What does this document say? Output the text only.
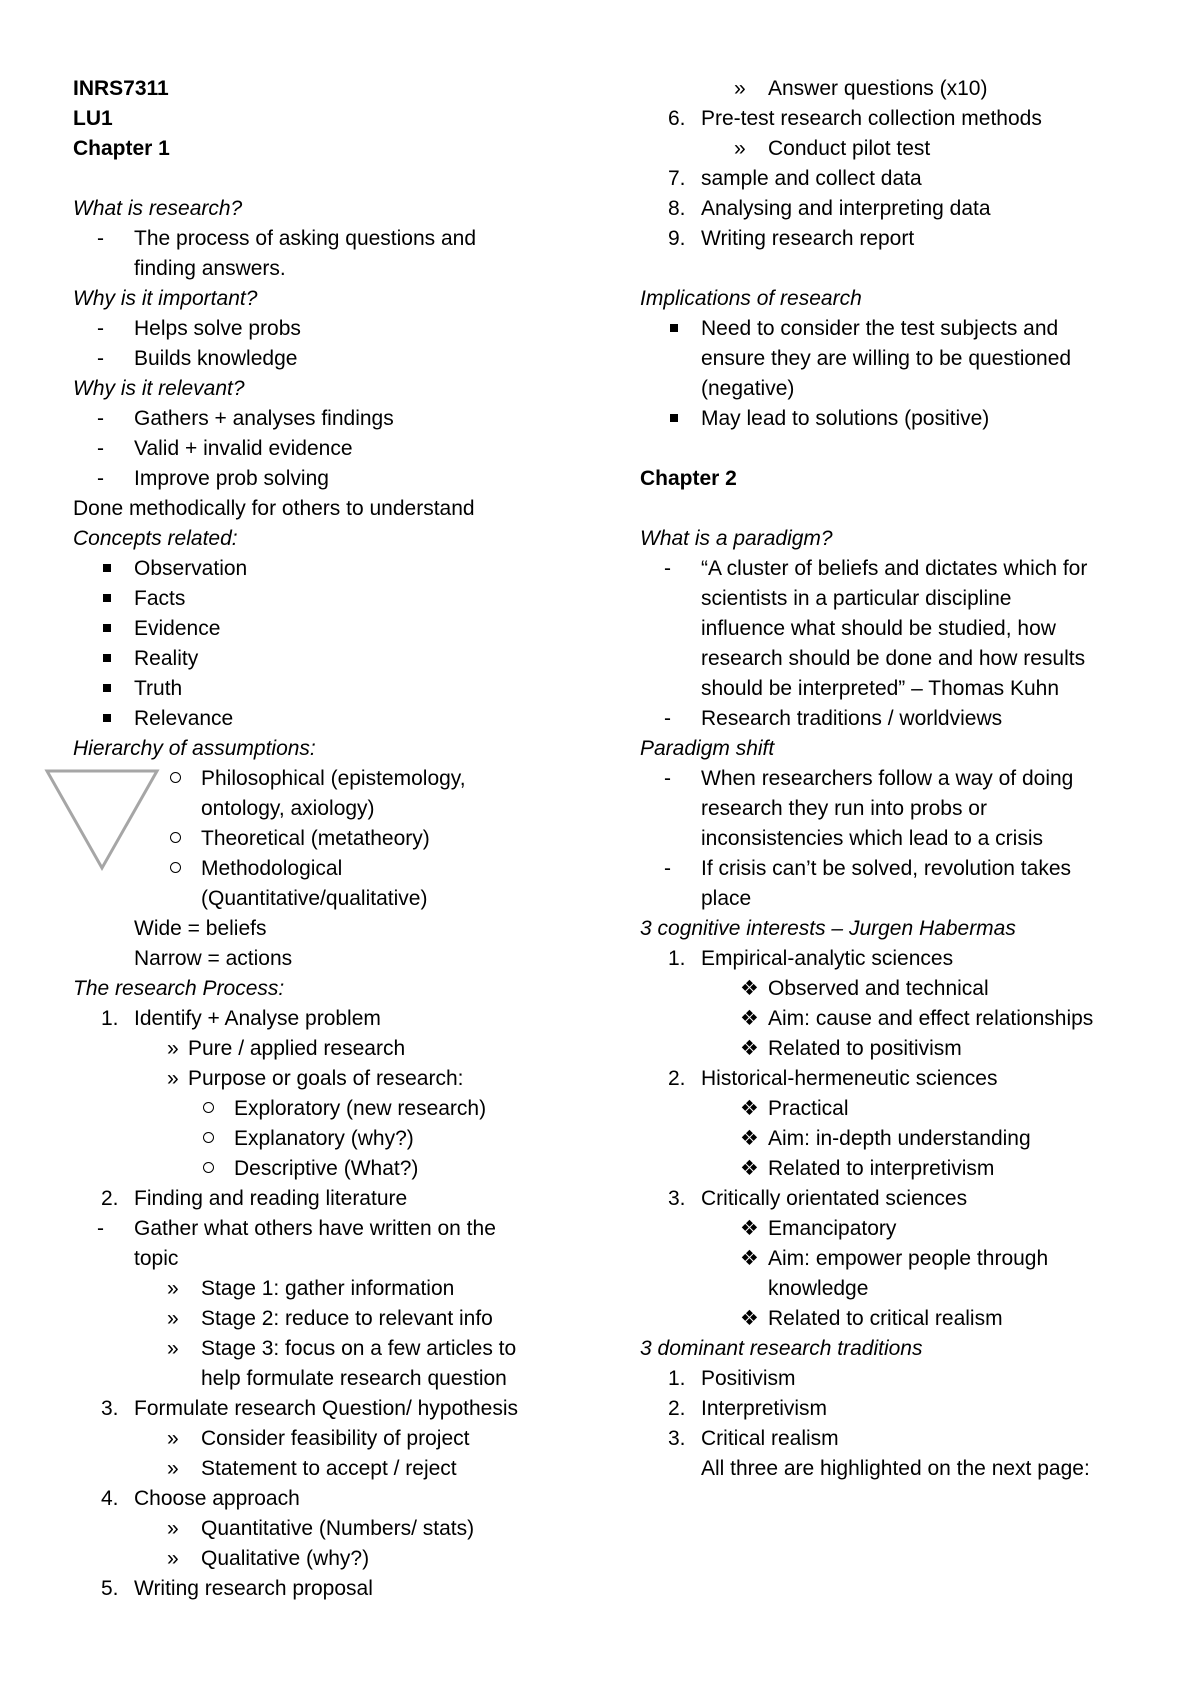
INRS7311
LU1
Chapter 1
What is research?
- The process of asking questions and
finding answers.
Why is it important?
- Helps solve probs
- Builds knowledge
Why is it relevant?
- Gathers + analyses findings
- Valid + invalid evidence
- Improve prob solving
Done methodically for others to understand
Concepts related:
Observation
Facts
Evidence
Reality
Truth
Relevance
Hierarchy of assumptions:
Philosophical (epistemology,
ontology, axiology)
Theoretical (metatheory)
Methodological
(Quantitative/qualitative)
Wide = beliefs
Narrow = actions
The research Process:
1. Identify + Analyse problem
» Pure / applied research
» Purpose or goals of research:
Exploratory (new research)
Explanatory (why?)
Descriptive (What?)
2. Finding and reading literature
- Gather what others have written on the
topic
» Stage 1: gather information
» Stage 2: reduce to relevant info
» Stage 3: focus on a few articles to
help formulate research question
3. Formulate research Question/ hypothesis
» Consider feasibility of project
» Statement to accept / reject
4. Choose approach
» Quantitative (Numbers/ stats)
» Qualitative (why?)
5. Writing research proposal
» Answer questions (x10)
6. Pre-test research collection methods
» Conduct pilot test
7. sample and collect data
8. Analysing and interpreting data
9. Writing research report
Implications of research
Need to consider the test subjects and
ensure they are willing to be questioned
(negative)
May lead to solutions (positive)
Chapter 2
What is a paradigm?
- “A cluster of beliefs and dictates which for
scientists in a particular discipline
influence what should be studied, how
research should be done and how results
should be interpreted” – Thomas Kuhn
- Research traditions / worldviews
Paradigm shift
- When researchers follow a way of doing
research they run into probs or
inconsistencies which lead to a crisis
- If crisis can’t be solved, revolution takes
place
3 cognitive interests – Jurgen Habermas
1. Empirical-analytic sciences
❖ Observed and technical
❖ Aim: cause and effect relationships
❖ Related to positivism
2. Historical-hermeneutic sciences
❖ Practical
❖ Aim: in-depth understanding
❖ Related to interpretivism
3. Critically orientated sciences
❖ Emancipatory
❖ Aim: empower people through
knowledge
❖ Related to critical realism
3 dominant research traditions
1. Positivism
2. Interpretivism
3. Critical realism
All three are highlighted on the next page:
